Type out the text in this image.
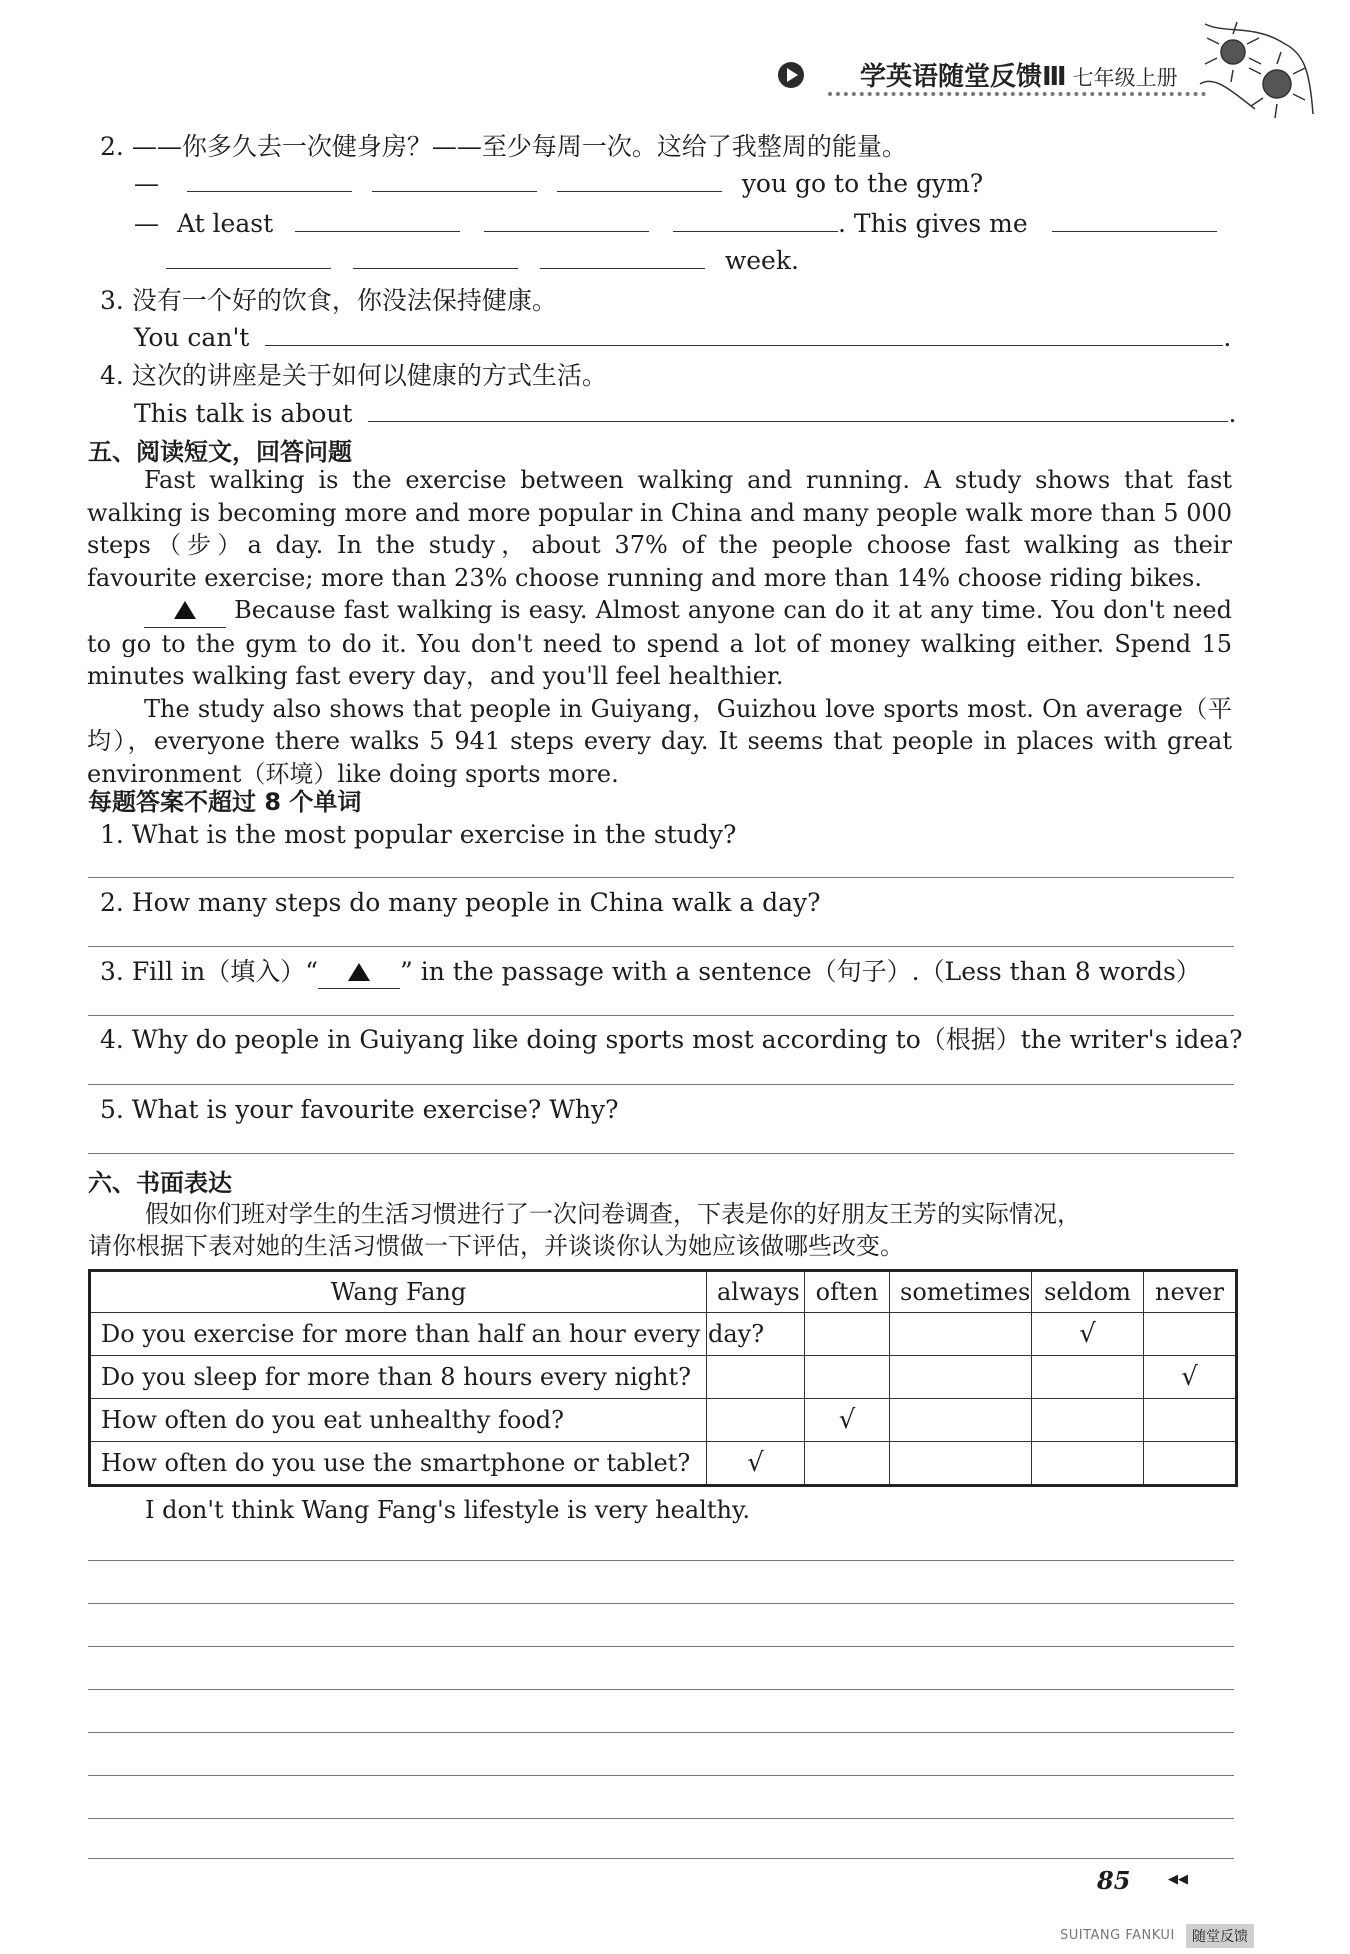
学英语随堂反馈Ⅲ 七年级上册
2. ——你多久去一次健身房？——至少每周一次。这给了我整周的能量。
—	you go to the gym?
— At least	. This gives me
week.
3. 没有一个好的饮食，你没法保持健康。
You can't	.
4. 这次的讲座是关于如何以健康的方式生活。
This talk is about	.
五、阅读短文，回答问题

Fast walking is the exercise between walking and running. A study shows that fast walking is becoming more and more popular in China and many people walk more than 5 000 steps（步）a day. In the study，about 37% of the people choose fast walking as their favourite exercise; more than 23% choose running and more than 14% choose riding bikes.

Because fast walking is easy. Almost anyone can do it at any time. You don't need to go to the gym to do it. You don't need to spend a lot of money walking either. Spend 15 minutes walking fast every day，and you'll feel healthier.

The study also shows that people in Guiyang，Guizhou love sports most. On average（平均），everyone there walks 5 941 steps every day. It seems that people in places with great environment（环境）like doing sports more.

每题答案不超过 8 个单词
1. What is the most popular exercise in the study?
2. How many steps do many people in China walk a day?
3. Fill in（填入）“	” in the passage with a sentence（句子）.（Less than 8 words）
4. Why do people in Guiyang like doing sports most according to（根据）the writer's idea?
5. What is your favourite exercise? Why?
六、书面表达
假如你们班对学生的生活习惯进行了一次问卷调查，下表是你的好朋友王芳的实际情况，
请你根据下表对她的生活习惯做一下评估，并谈谈你认为她应该做哪些改变。
Wang Fang	always	often	sometimes	seldom	never
Do you exercise for more than half an hour every day?				√	
Do you sleep for more than 8 hours every night?					√
How often do you eat unhealthy food?		√			
How often do you use the smartphone or tablet?	√				
I don't think Wang Fang's lifestyle is very healthy.
85	◀◀
SUITANG FANKUI	随堂反馈
